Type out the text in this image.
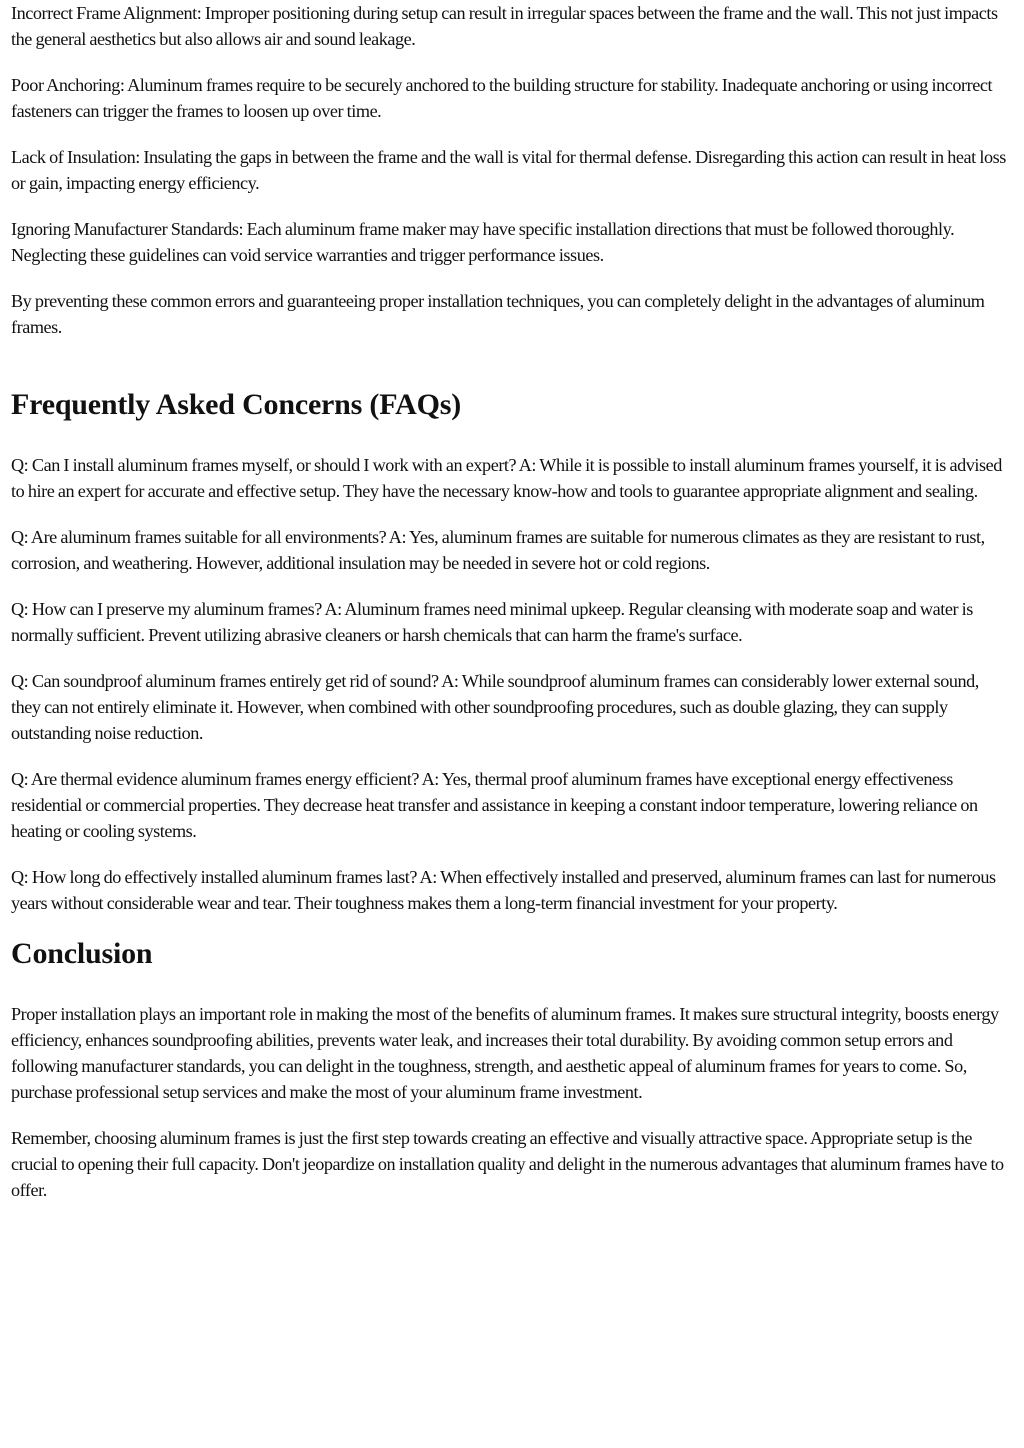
Incorrect Frame Alignment: Improper positioning during setup can result in irregular spaces between the frame and the wall. This not just impacts the general aesthetics but also allows air and sound leakage.

Poor Anchoring: Aluminum frames require to be securely anchored to the building structure for stability. Inadequate anchoring or using incorrect fasteners can trigger the frames to loosen up over time.

Lack of Insulation: Insulating the gaps in between the frame and the wall is vital for thermal defense. Disregarding this action can result in heat loss or gain, impacting energy efficiency.

Ignoring Manufacturer Standards: Each aluminum frame maker may have specific installation directions that must be followed thoroughly. Neglecting these guidelines can void service warranties and trigger performance issues.

By preventing these common errors and guaranteeing proper installation techniques, you can completely delight in the advantages of aluminum frames.

Frequently Asked Concerns (FAQs)

Q: Can I install aluminum frames myself, or should I work with an expert? A: While it is possible to install aluminum frames yourself, it is advised to hire an expert for accurate and effective setup. They have the necessary know-how and tools to guarantee appropriate alignment and sealing.

Q: Are aluminum frames suitable for all environments? A: Yes, aluminum frames are suitable for numerous climates as they are resistant to rust, corrosion, and weathering. However, additional insulation may be needed in severe hot or cold regions.

Q: How can I preserve my aluminum frames? A: Aluminum frames need minimal upkeep. Regular cleansing with moderate soap and water is normally sufficient. Prevent utilizing abrasive cleaners or harsh chemicals that can harm the frame's surface.

Q: Can soundproof aluminum frames entirely get rid of sound? A: While soundproof aluminum frames can considerably lower external sound, they can not entirely eliminate it. However, when combined with other soundproofing procedures, such as double glazing, they can supply outstanding noise reduction.

Q: Are thermal evidence aluminum frames energy efficient? A: Yes, thermal proof aluminum frames have exceptional energy effectiveness residential or commercial properties. They decrease heat transfer and assistance in keeping a constant indoor temperature, lowering reliance on heating or cooling systems.

Q: How long do effectively installed aluminum frames last? A: When effectively installed and preserved, aluminum frames can last for numerous years without considerable wear and tear. Their toughness makes them a long-term financial investment for your property.

Conclusion

Proper installation plays an important role in making the most of the benefits of aluminum frames. It makes sure structural integrity, boosts energy efficiency, enhances soundproofing abilities, prevents water leak, and increases their total durability. By avoiding common setup errors and following manufacturer standards, you can delight in the toughness, strength, and aesthetic appeal of aluminum frames for years to come. So, purchase professional setup services and make the most of your aluminum frame investment.

Remember, choosing aluminum frames is just the first step towards creating an effective and visually attractive space. Appropriate setup is the crucial to opening their full capacity. Don't jeopardize on installation quality and delight in the numerous advantages that aluminum frames have to offer.
